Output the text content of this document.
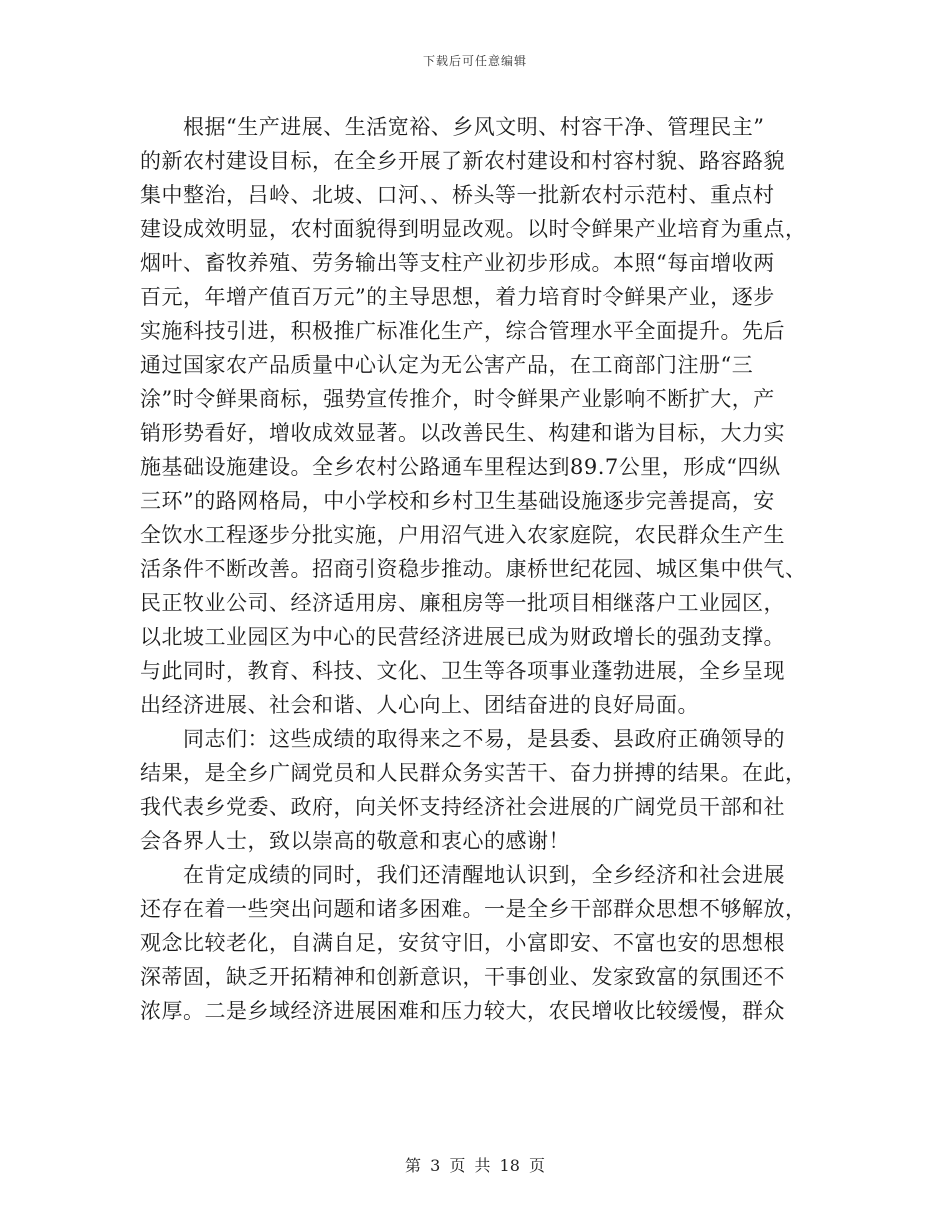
下载后可任意编辑
　　根据“生产进展、生活宽裕、乡风文明、村容干净、管理民主”
的新农村建设目标，在全乡开展了新农村建设和村容村貌、路容路貌
集中整治，吕岭、北坡、口河、、桥头等一批新农村示范村、重点村
建设成效明显，农村面貌得到明显改观。以时令鲜果产业培育为重点，
烟叶、畜牧养殖、劳务输出等支柱产业初步形成。本照“每亩增收两
百元，年增产值百万元”的主导思想，着力培育时令鲜果产业，逐步
实施科技引进，积极推广标准化生产，综合管理水平全面提升。先后
通过国家农产品质量中心认定为无公害产品，在工商部门注册“三
涂”时令鲜果商标，强势宣传推介，时令鲜果产业影响不断扩大，产
销形势看好，增收成效显著。以改善民生、构建和谐为目标，大力实
施基础设施建设。全乡农村公路通车里程达到89.7公里，形成“四纵
三环”的路网格局，中小学校和乡村卫生基础设施逐步完善提高，安
全饮水工程逐步分批实施，户用沼气进入农家庭院，农民群众生产生
活条件不断改善。招商引资稳步推动。康桥世纪花园、城区集中供气、
民正牧业公司、经济适用房、廉租房等一批项目相继落户工业园区，
以北坡工业园区为中心的民营经济进展已成为财政增长的强劲支撑。
与此同时，教育、科技、文化、卫生等各项事业蓬勃进展，全乡呈现
出经济进展、社会和谐、人心向上、团结奋进的良好局面。
　　同志们：这些成绩的取得来之不易，是县委、县政府正确领导的
结果，是全乡广阔党员和人民群众务实苦干、奋力拼搏的结果。在此，
我代表乡党委、政府，向关怀支持经济社会进展的广阔党员干部和社
会各界人士，致以崇高的敬意和衷心的感谢！
　　在肯定成绩的同时，我们还清醒地认识到，全乡经济和社会进展
还存在着一些突出问题和诸多困难。一是全乡干部群众思想不够解放，
观念比较老化，自满自足，安贫守旧，小富即安、不富也安的思想根
深蒂固，缺乏开拓精神和创新意识，干事创业、发家致富的氛围还不
浓厚。二是乡域经济进展困难和压力较大，农民增收比较缓慢，群众
第 3 页 共 18 页
